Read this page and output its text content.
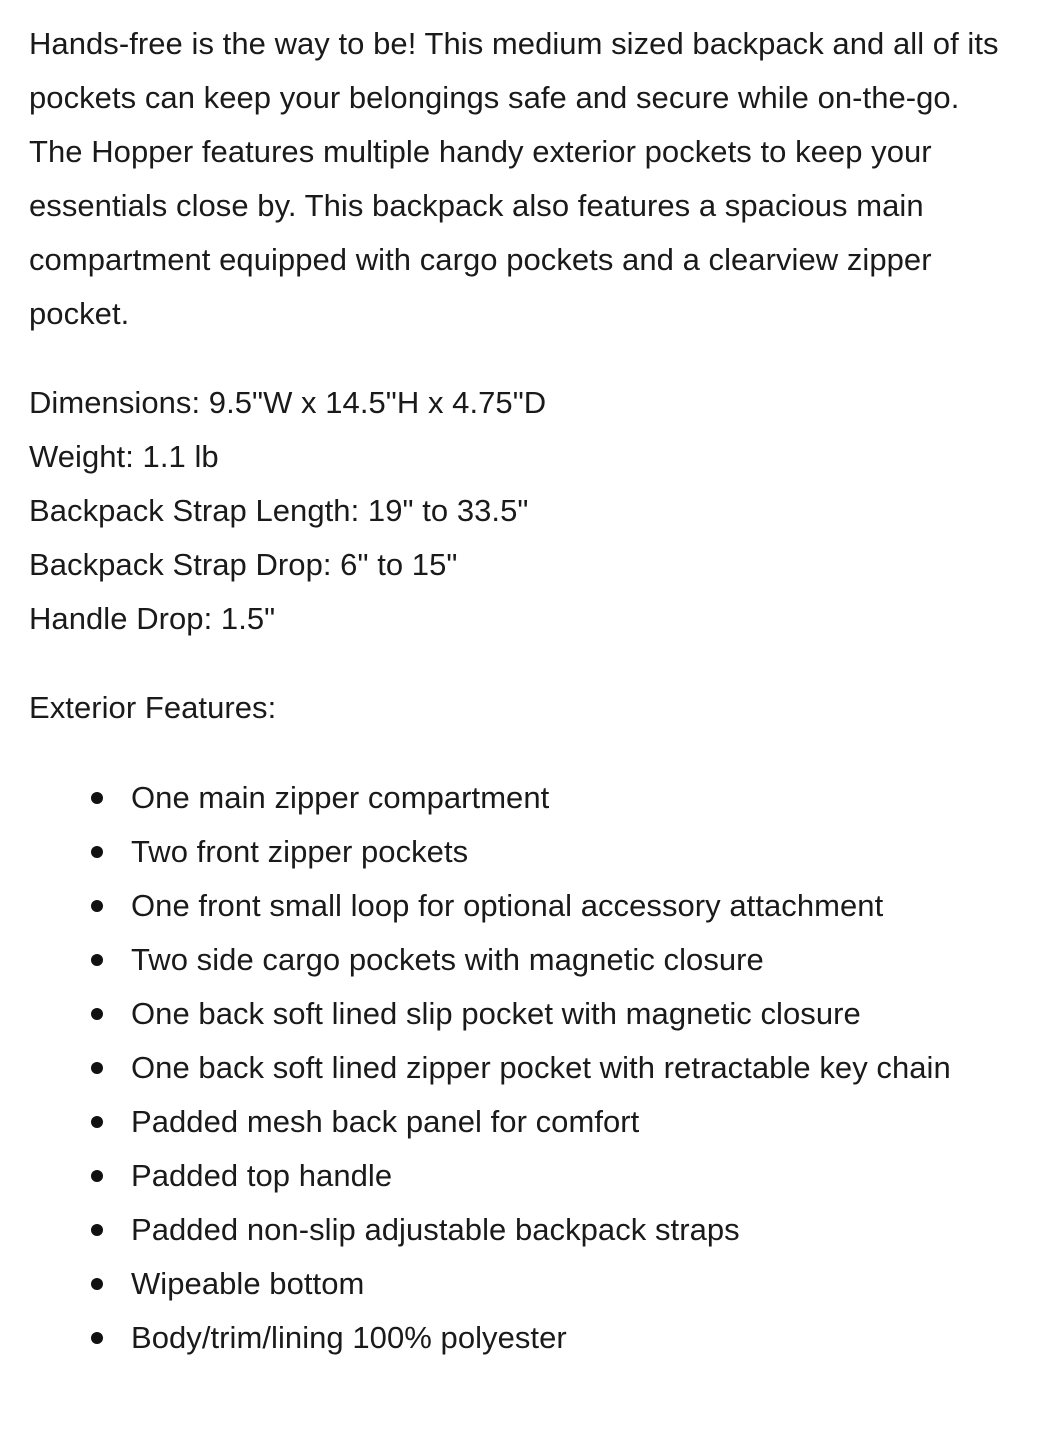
Hands-free is the way to be! This medium sized backpack and all of its pockets can keep your belongings safe and secure while on-the-go. The Hopper features multiple handy exterior pockets to keep your essentials close by. This backpack also features a spacious main compartment equipped with cargo pockets and a clearview zipper pocket.

Dimensions: 9.5"W x 14.5"H x 4.75"D
Weight: 1.1 lb
Backpack Strap Length: 19" to 33.5"
Backpack Strap Drop: 6" to 15"
Handle Drop: 1.5"

Exterior Features:

One main zipper compartment
Two front zipper pockets
One front small loop for optional accessory attachment
Two side cargo pockets with magnetic closure
One back soft lined slip pocket with magnetic closure
One back soft lined zipper pocket with retractable key chain
Padded mesh back panel for comfort
Padded top handle
Padded non-slip adjustable backpack straps
Wipeable bottom
Body/trim/lining 100% polyester
